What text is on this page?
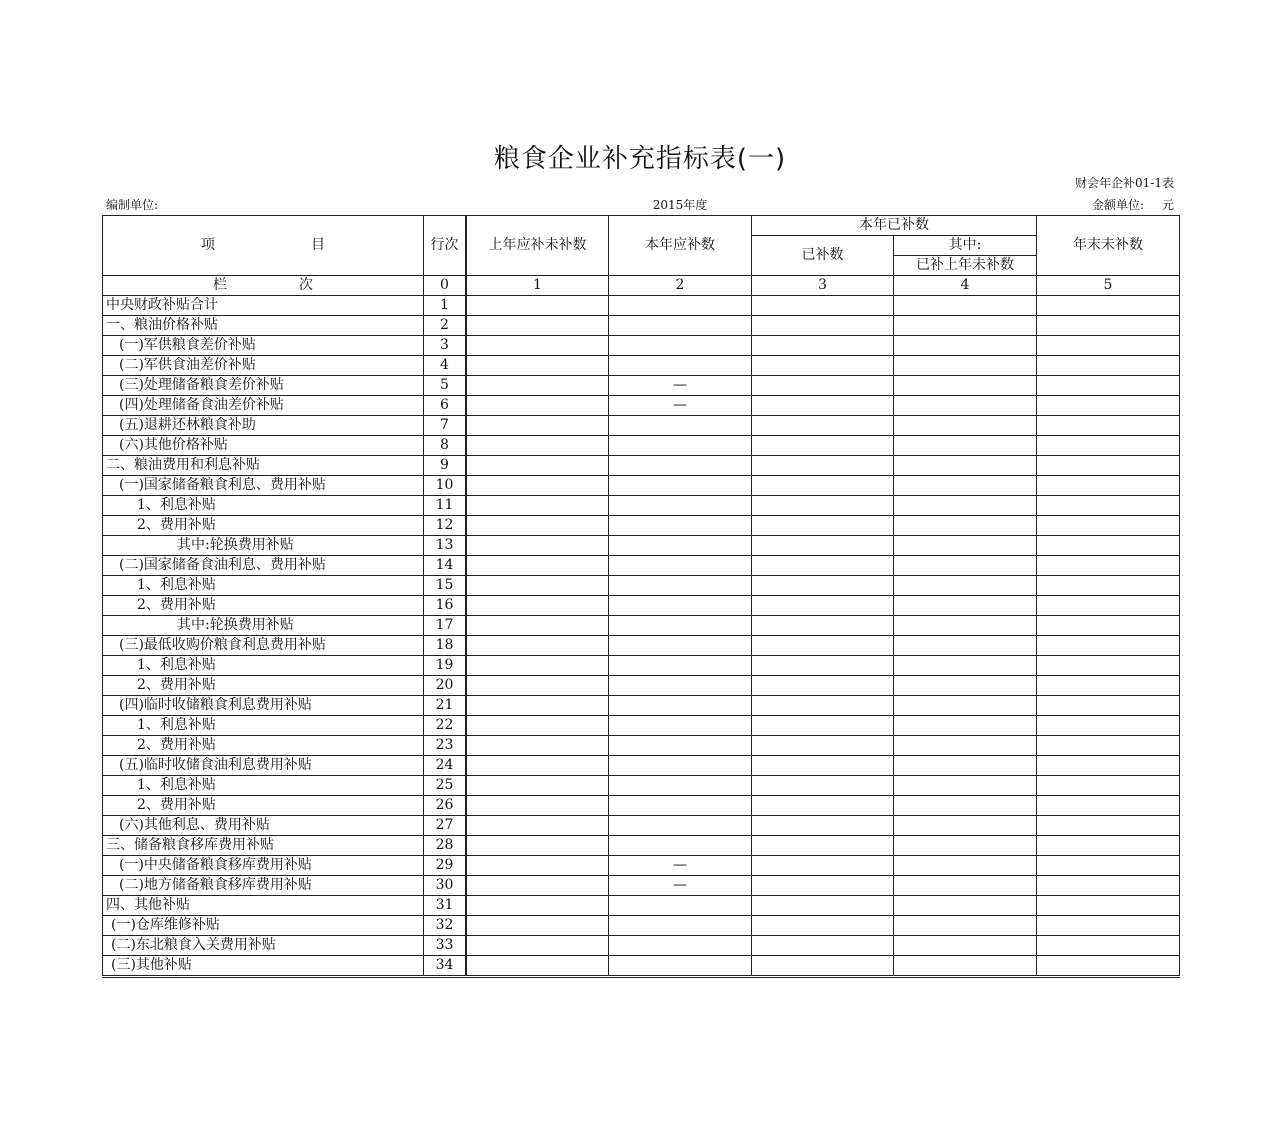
粮食企业补充指标表(一)
财会年企补01-1表
编制单位:	2015年度	金额单位: 元
项 目	行次		上年应补未补数	本年应补数	本年已补数		年末未补数
				已补数	其中:	
					已补上年未补数	
栏 次	0		1	2	3	4	5
中央财政补贴合计	1						
一、粮油价格补贴	2						
(一)军供粮食差价补贴	3						
(二)军供食油差价补贴	4						
(三)处理储备粮食差价补贴	5			—			
(四)处理储备食油差价补贴	6			—			
(五)退耕还林粮食补助	7						
(六)其他价格补贴	8						
二、粮油费用和利息补贴	9						
(一)国家储备粮食利息、费用补贴	10						
1、利息补贴	11						
2、费用补贴	12						
其中:轮换费用补贴	13						
(二)国家储备食油利息、费用补贴	14						
1、利息补贴	15						
2、费用补贴	16						
其中:轮换费用补贴	17						
(三)最低收购价粮食利息费用补贴	18						
1、利息补贴	19						
2、费用补贴	20						
(四)临时收储粮食利息费用补贴	21						
1、利息补贴	22						
2、费用补贴	23						
(五)临时收储食油利息费用补贴	24						
1、利息补贴	25						
2、费用补贴	26						
(六)其他利息、费用补贴	27						
三、储备粮食移库费用补贴	28						
(一)中央储备粮食移库费用补贴	29			—			
(二)地方储备粮食移库费用补贴	30			—			
四、其他补贴	31						
(一)仓库维修补贴	32						
(二)东北粮食入关费用补贴	33						
(三)其他补贴	34						
